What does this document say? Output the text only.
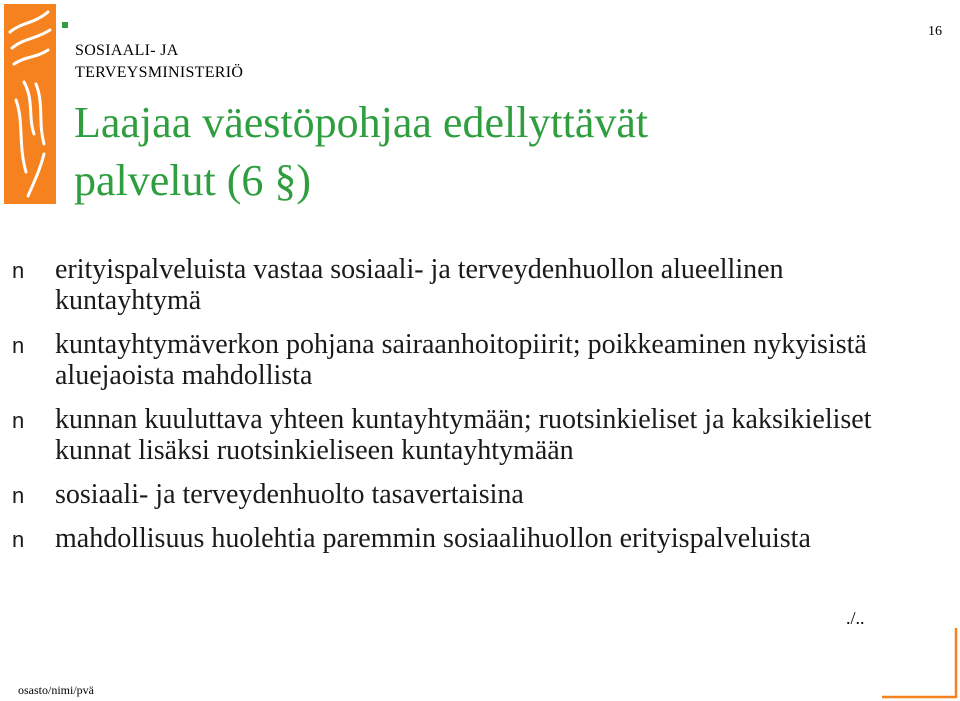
SOSIAALI- JA
TERVEYSMINISTERIÖ
16
Laajaa väestöpohjaa edellyttävät
palvelut (6 §)
n erityispalveluista vastaa sosiaali- ja terveydenhuollon alueellinen kuntayhtymä
n kuntayhtymäverkon pohjana sairaanhoitopiirit; poikkeaminen nykyisistä aluejaoista mahdollista
n kunnan kuuluttava yhteen kuntayhtymään; ruotsinkieliset ja kaksikieliset kunnat lisäksi ruotsinkieliseen kuntayhtymään
n sosiaali- ja terveydenhuolto tasavertaisina
n mahdollisuus huolehtia paremmin sosiaalihuollon erityispalveluista
./..
osasto/nimi/pvä
